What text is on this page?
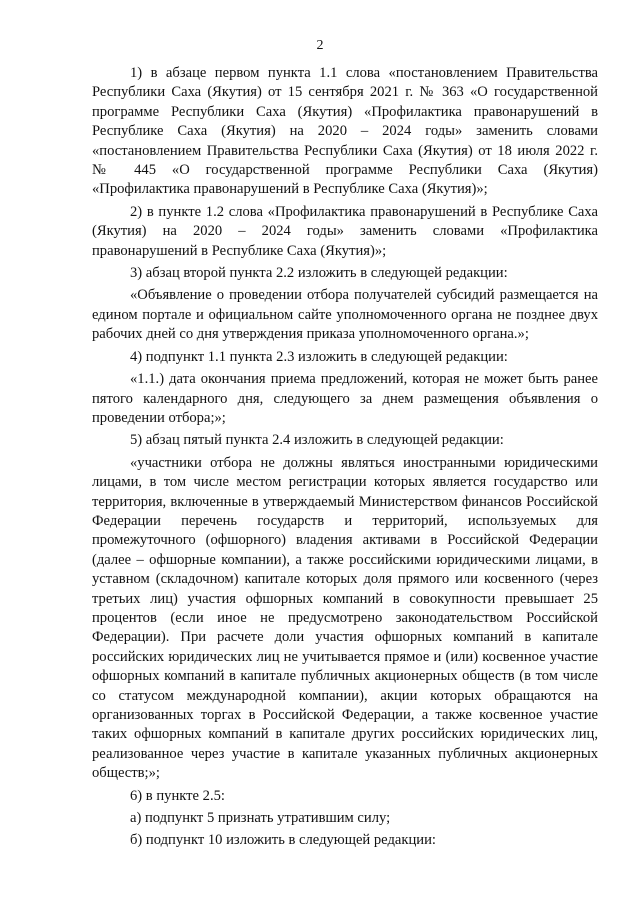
2

1) в абзаце первом пункта 1.1 слова «постановлением Правительства Республики Саха (Якутия) от 15 сентября 2021 г. № 363 «О государственной программе Республики Саха (Якутия) «Профилактика правонарушений в Республике Саха (Якутия) на 2020 – 2024 годы» заменить словами «постановлением Правительства Республики Саха (Якутия) от 18 июля 2022 г. № 445 «О государственной программе Республики Саха (Якутия) «Профилактика правонарушений в Республике Саха (Якутия)»;

2) в пункте 1.2 слова «Профилактика правонарушений в Республике Саха (Якутия) на 2020 – 2024 годы» заменить словами «Профилактика правонарушений в Республике Саха (Якутия)»;

3) абзац второй пункта 2.2 изложить в следующей редакции:

«Объявление о проведении отбора получателей субсидий размещается на едином портале и официальном сайте уполномоченного органа не позднее двух рабочих дней со дня утверждения приказа уполномоченного органа.»;

4) подпункт 1.1 пункта 2.3 изложить в следующей редакции:

«1.1.) дата окончания приема предложений, которая не может быть ранее пятого календарного дня, следующего за днем размещения объявления о проведении отбора;»;

5) абзац пятый пункта 2.4 изложить в следующей редакции:

«участники отбора не должны являться иностранными юридическими лицами, в том числе местом регистрации которых является государство или территория, включенные в утверждаемый Министерством финансов Российской Федерации перечень государств и территорий, используемых для промежуточного (офшорного) владения активами в Российской Федерации (далее – офшорные компании), а также российскими юридическими лицами, в уставном (складочном) капитале которых доля прямого или косвенного (через третьих лиц) участия офшорных компаний в совокупности превышает 25 процентов (если иное не предусмотрено законодательством Российской Федерации). При расчете доли участия офшорных компаний в капитале российских юридических лиц не учитывается прямое и (или) косвенное участие офшорных компаний в капитале публичных акционерных обществ (в том числе со статусом международной компании), акции которых обращаются на организованных торгах в Российской Федерации, а также косвенное участие таких офшорных компаний в капитале других российских юридических лиц, реализованное через участие в капитале указанных публичных акционерных обществ;»;

6) в пункте 2.5:

а) подпункт 5 признать утратившим силу;

б) подпункт 10 изложить в следующей редакции:
